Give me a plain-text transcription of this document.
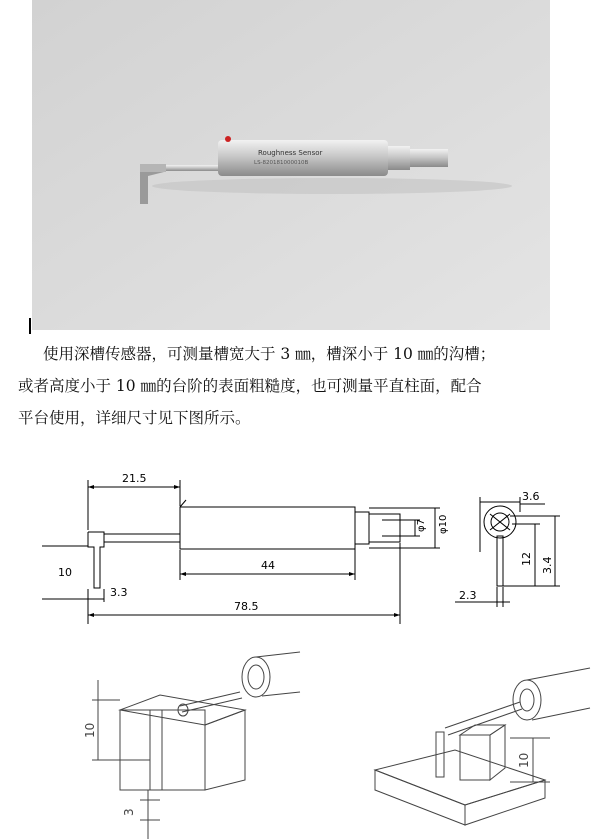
Roughness Sensor
LS-820181000010B

使用深槽传感器，可测量槽宽大于 3 ㎜，槽深小于 10 ㎜的沟槽；

或者高度小于 10 ㎜的台阶的表面粗糙度，也可测量平直柱面，配合

平台使用，详细尺寸见下图所示。

21.5
44
78.5
10
3.3
φ7 φ10
3.6
12 3.4
2.3
10
3
10
